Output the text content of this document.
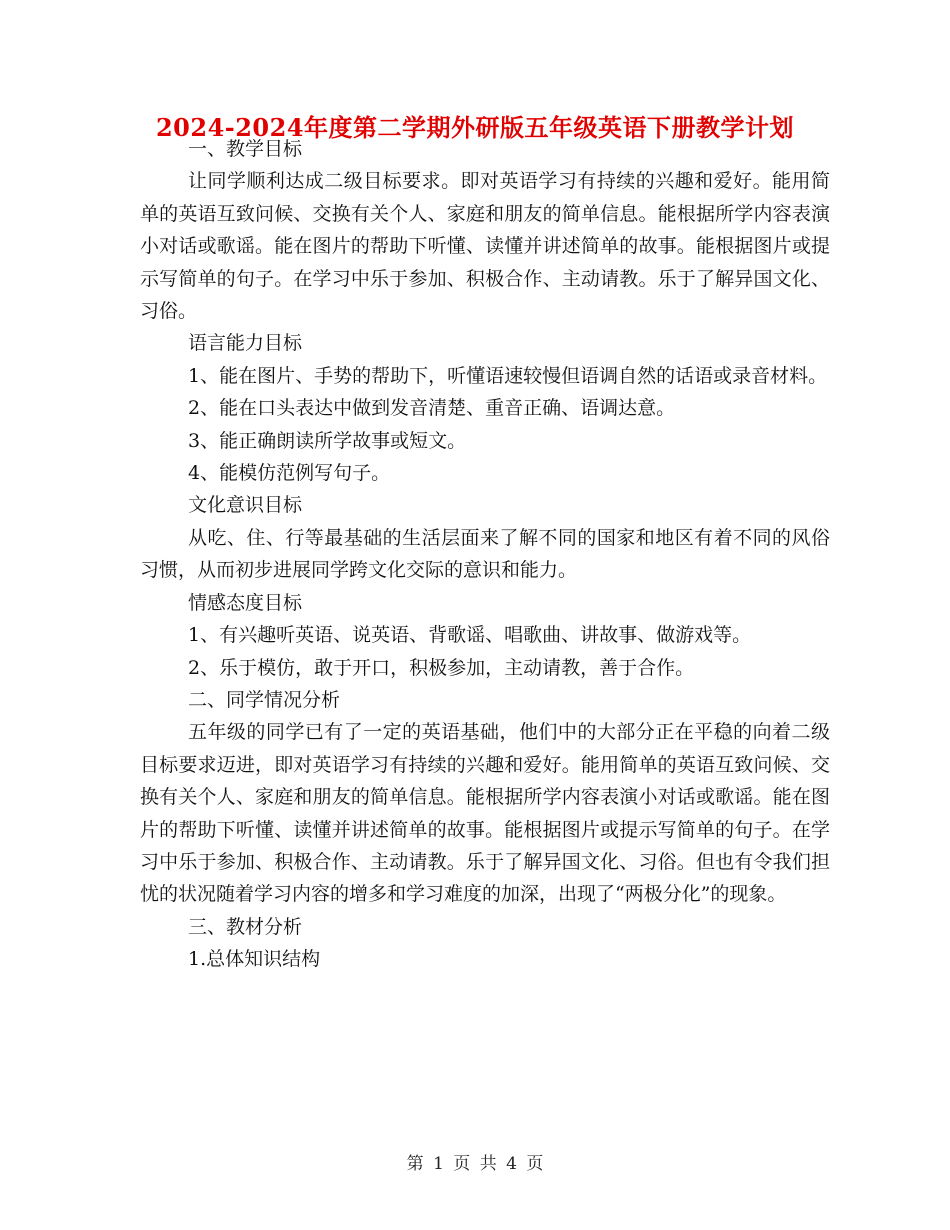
2024-2024年度第二学期外研版五年级英语下册教学计划

一、教学目标

让同学顺利达成二级目标要求。即对英语学习有持续的兴趣和爱好。能用简单的英语互致问候、交换有关个人、家庭和朋友的简单信息。能根据所学内容表演小对话或歌谣。能在图片的帮助下听懂、读懂并讲述简单的故事。能根据图片或提示写简单的句子。在学习中乐于参加、积极合作、主动请教。乐于了解异国文化、习俗。

语言能力目标

1、能在图片、手势的帮助下，听懂语速较慢但语调自然的话语或录音材料。

2、能在口头表达中做到发音清楚、重音正确、语调达意。

3、能正确朗读所学故事或短文。

4、能模仿范例写句子。

文化意识目标

从吃、住、行等最基础的生活层面来了解不同的国家和地区有着不同的风俗习惯，从而初步进展同学跨文化交际的意识和能力。

情感态度目标

1、有兴趣听英语、说英语、背歌谣、唱歌曲、讲故事、做游戏等。

2、乐于模仿，敢于开口，积极参加，主动请教，善于合作。

二、同学情况分析

五年级的同学已有了一定的英语基础，他们中的大部分正在平稳的向着二级目标要求迈进，即对英语学习有持续的兴趣和爱好。能用简单的英语互致问候、交换有关个人、家庭和朋友的简单信息。能根据所学内容表演小对话或歌谣。能在图片的帮助下听懂、读懂并讲述简单的故事。能根据图片或提示写简单的句子。在学习中乐于参加、积极合作、主动请教。乐于了解异国文化、习俗。但也有令我们担忧的状况随着学习内容的增多和学习难度的加深，出现了“两极分化”的现象。

三、教材分析

1.总体知识结构

第 1 页 共 4 页
